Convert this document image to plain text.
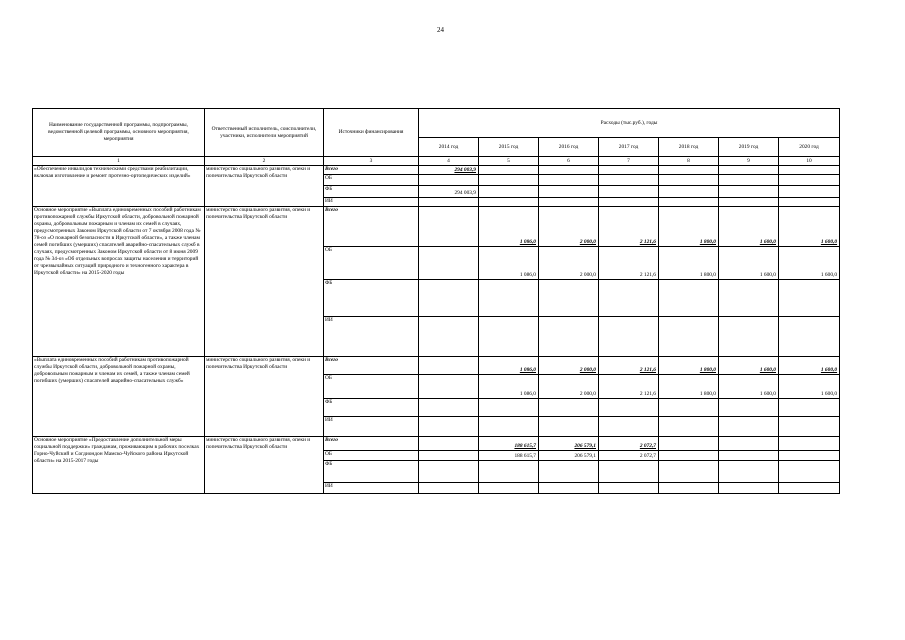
24
Наименование государственной программы, подпрограммы, ведомственной целевой программы, основного мероприятия, мероприятия	Ответственный исполнитель, соисполнители, участники, исполнители мероприятий	Источники финансирования	Расходы (тыс.руб.), годы						
			2014 год	2015 год	2016 год	2017 год	2018 год	2019 год	2020 год
1	2	3	4	5	6	7	8	9	10
«Обеспечение инвалидов техническими средствами реабилитации, включая изготовление и ремонт протезно-ортопедических изделий»	министерство социального развития, опеки и попечительства Иркутской области	Всего	294 003,9						
		ОБ							
		ФБ	294 003,9						
		ИИ							
Основное мероприятие «Выплата единовременных пособий работникам противопожарной службы Иркутской области, добровольной пожарной охраны, добровольным пожарным и членам их семей в случаях, предусмотренных Законом Иркутской области от 7 октября 2008 года № 78-оз «О пожарной безопасности в Иркутской области», а также членам семей погибших (умерших) спасателей аварийно-спасательных служб в случаях, предусмотренных Законом Иркутской области от 8 июня 2009 года № 34-оз «Об отдельных вопросах защиты населения и территорий от чрезвычайных ситуаций природного и техногенного характера в Иркутской области» на 2015-2020 годы	министерство социального развития, опеки и попечительства Иркутской области	Всего		1 086,0	2 000,0	2 121,6	1 800,0	1 600,0	1 600,0
		ОБ		1 086,0	2 000,0	2 121,6	1 800,0	1 600,0	1 600,0
		ФБ							
		ИИ							
«Выплата единовременных пособий работникам противопожарной службы Иркутской области, добровольной пожарной охраны, добровольным пожарным и членам их семей, а также членам семей погибших (умерших) спасателей аварийно-спасательных служб»	министерство социального развития, опеки и попечительства Иркутской области	Всего		1 086,0	2 000,0	2 121,6	1 800,0	1 600,0	1 600,0
		ОБ		1 086,0	2 000,0	2 121,6	1 800,0	1 600,0	1 600,0
		ФБ							
		ИИ							
Основное мероприятие «Предоставление дополнительной меры социальной поддержки» гражданам, проживающим в рабочих поселках Горно-Чуйский и Согдиондон Мамско-Чуйского района Иркутской области» на 2015-2017 годы	министерство социального развития, опеки и попечительства Иркутской области	Всего		188 615,7	206 579,1	2 072,7			
		ОБ		188 615,7	206 579,1	2 072,7			
		ФБ							
		ИИ							
